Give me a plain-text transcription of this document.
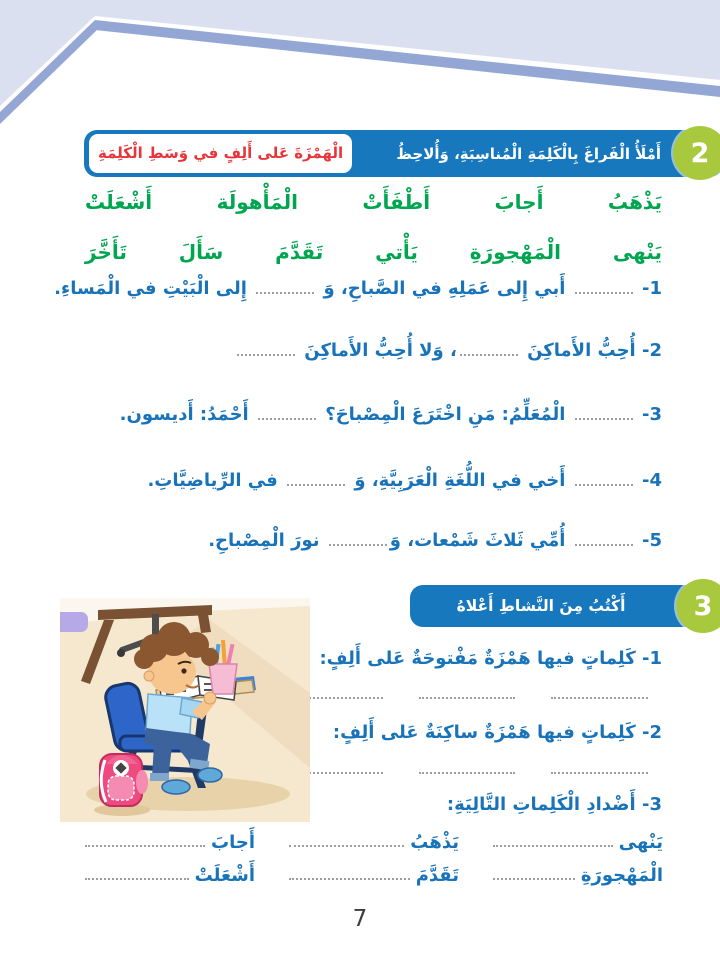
أَمْلَأُ الْفَراغَ بِالْكَلِمَةِ الْمُناسِبَةِ، وَأُلاحِظُ
الْهَمْزَةَ عَلى أَلِفٍ في وَسَطِ الْكَلِمَةِ	2
يَذْهَبُ
أَجابَ
أَطْفَأَتْ
الْمَأْهولَة
أَشْعَلَتْ
يَنْهى
الْمَهْجورَةِ
يَأْتي
تَقَدَّمَ
سَأَلَ
تَأَخَّرَ
1-  أَبي إِلى عَمَلِهِ في الصَّباحِ، وَ  إِلى الْبَيْتِ في الْمَساءِ.
2- أُحِبُّ الأَماكِنَ ، وَلا أُحِبُّ الأَماكِنَ
3-  الْمُعَلِّمُ: مَنِ اخْتَرَعَ الْمِصْباحَ؟  أَحْمَدُ: أَديسون.
4-  أَخي في اللُّغَةِ الْعَرَبِيَّةِ، وَ  في الرِّياضِيَّاتِ.
5-  أُمِّي ثَلاثَ شَمْعات، وَ نورَ الْمِصْباحِ.
أَكْتُبُ مِنَ النَّشاطِ أَعْلاهُ	3
1- كَلِماتٍ فيها هَمْزَةٌ مَفْتوحَةٌ عَلى أَلِفٍ:
2- كَلِماتٍ فيها هَمْزَةٌ ساكِنَةٌ عَلى أَلِفٍ:
3- أَضْدادِ الْكَلِماتِ التَّالِيَةِ:
يَنْهى
يَذْهَبُ
أَجابَ
الْمَهْجورَةِ
تَقَدَّمَ
أَشْعَلَتْ
7
